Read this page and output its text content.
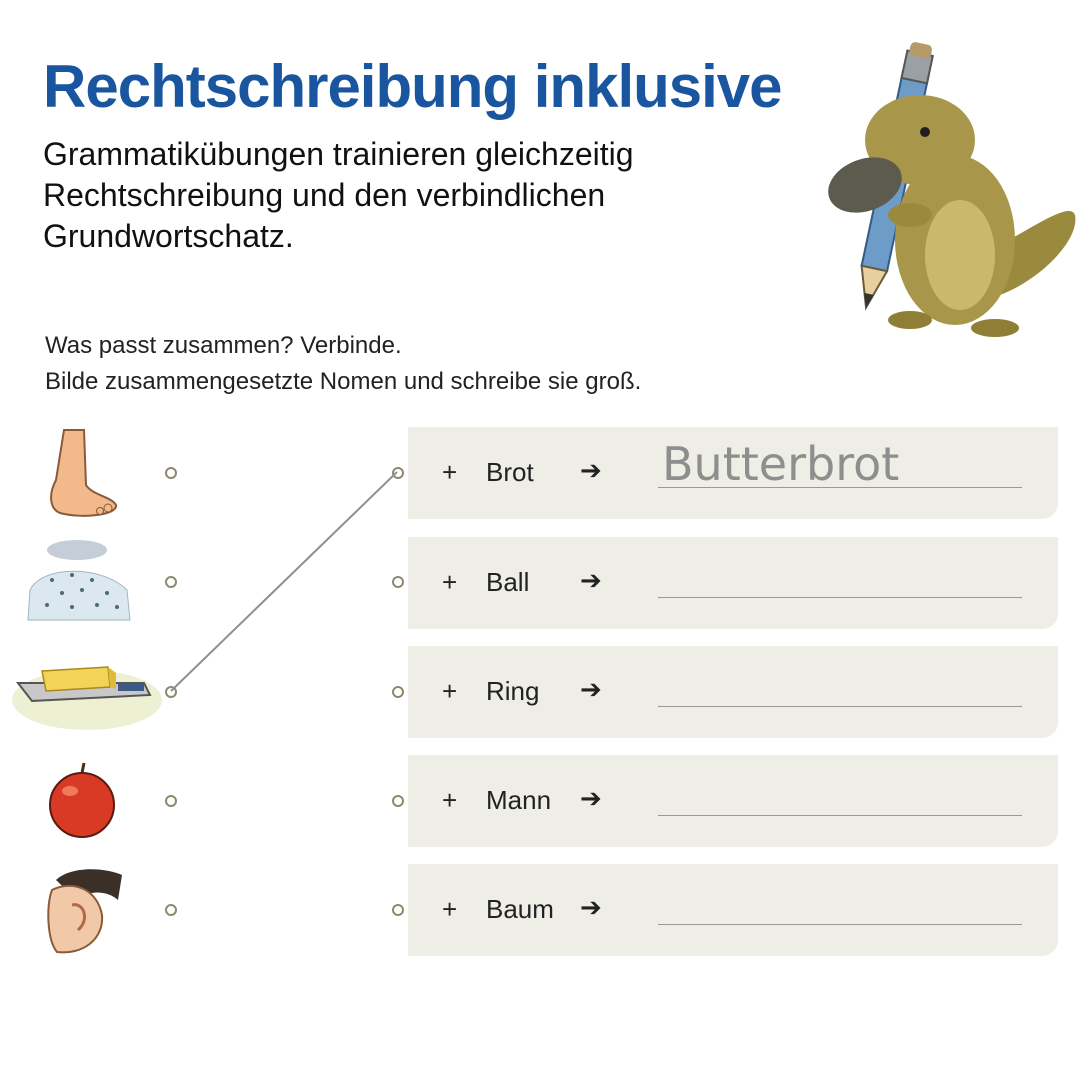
Rechtschreibung inklusive

Grammatikübungen trainieren gleichzeitig Rechtschreibung und den verbindlichen Grundwortschatz.

Was passt zusammen? Verbinde.
Bilde zusammengesetzte Nomen und schreibe sie groß.
+ Brot ➔ Butterbrot
+ Ball ➔
+ Ring ➔
+ Mann ➔
+ Baum ➔
